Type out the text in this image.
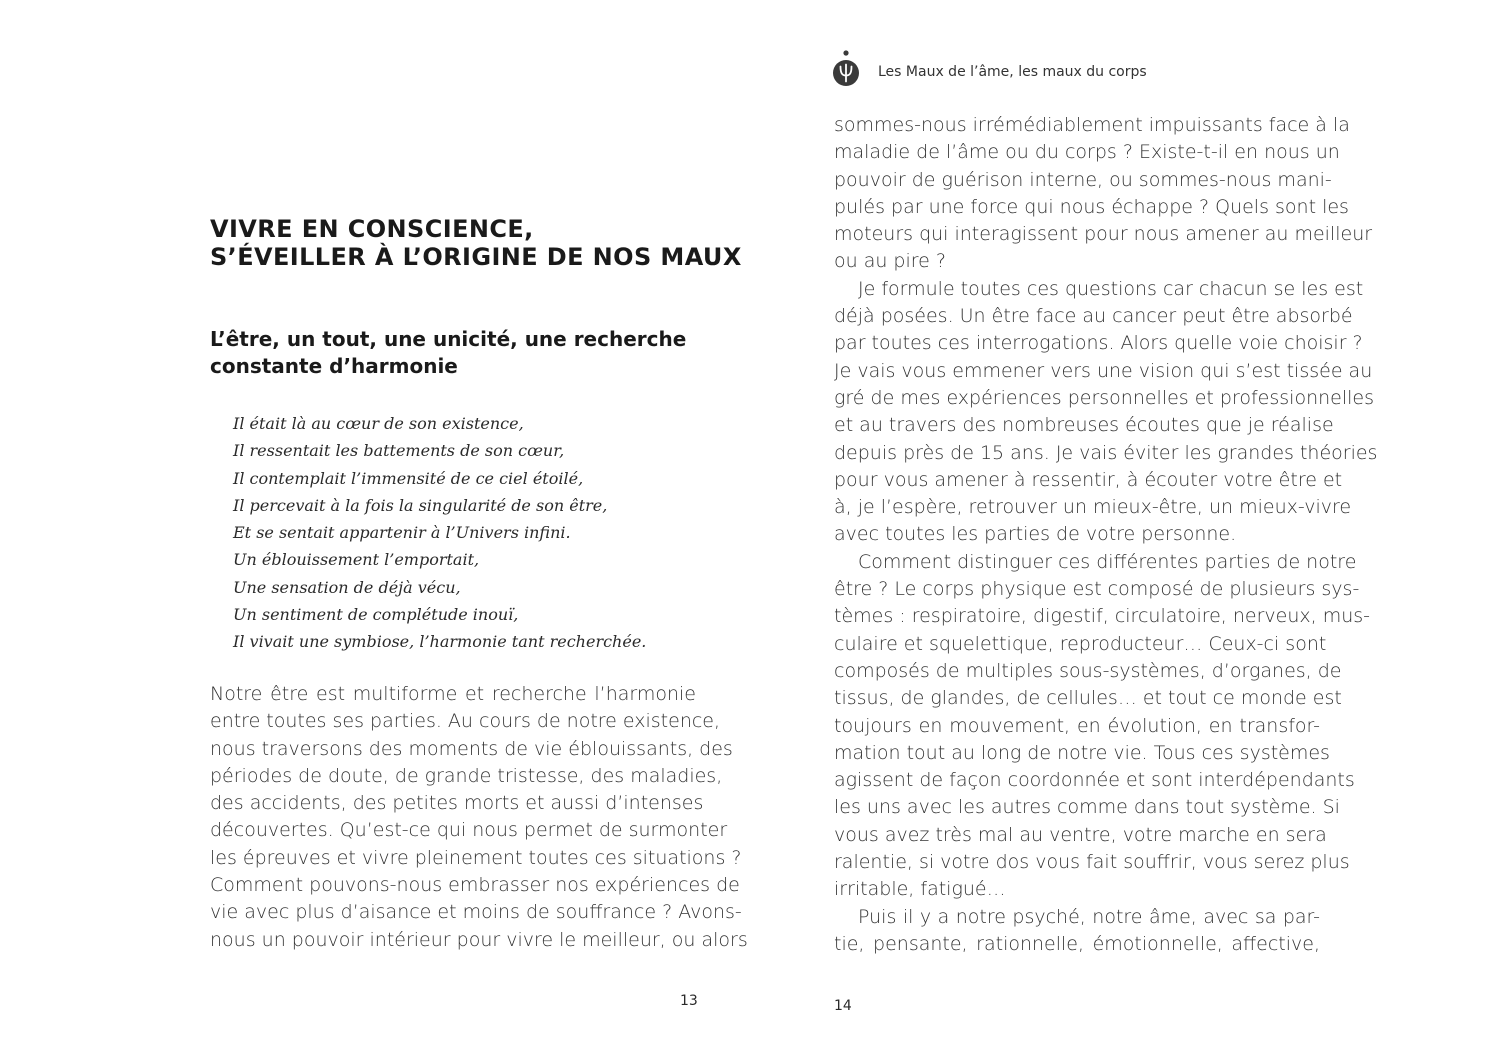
VIVRE EN CONSCIENCE,
S’ÉVEILLER À L’ORIGINE DE NOS MAUX
L’être, un tout, une unicité, une recherche
constante d’harmonie
Il était là au cœur de son existence,
Il ressentait les battements de son cœur,
Il contemplait l’immensité de ce ciel étoilé,
Il percevait à la fois la singularité de son être,
Et se sentait appartenir à l’Univers infini.
Un éblouissement l’emportait,
Une sensation de déjà vécu,
Un sentiment de complétude inouï,
Il vivait une symbiose, l’harmonie tant recherchée.
Notre être est multiforme et recherche l’harmonie
entre toutes ses parties. Au cours de notre existence,
nous traversons des moments de vie éblouissants, des
périodes de doute, de grande tristesse, des maladies,
des accidents, des petites morts et aussi d’intenses
découvertes. Qu’est-ce qui nous permet de surmonter
les épreuves et vivre pleinement toutes ces situations ?
Comment pouvons-nous embrasser nos expériences de
vie avec plus d’aisance et moins de souffrance ? Avons-
nous un pouvoir intérieur pour vivre le meilleur, ou alors
13
Les Maux de l’âme, les maux du corps
sommes-nous irrémédiablement impuissants face à la
maladie de l’âme ou du corps ? Existe-t-il en nous un
pouvoir de guérison interne, ou sommes-nous mani-
pulés par une force qui nous échappe ? Quels sont les
moteurs qui interagissent pour nous amener au meilleur
ou au pire ?
Je formule toutes ces questions car chacun se les est
déjà posées. Un être face au cancer peut être absorbé
par toutes ces interrogations. Alors quelle voie choisir ?
Je vais vous emmener vers une vision qui s’est tissée au
gré de mes expériences personnelles et professionnelles
et au travers des nombreuses écoutes que je réalise
depuis près de 15 ans. Je vais éviter les grandes théories
pour vous amener à ressentir, à écouter votre être et
à, je l’espère, retrouver un mieux-être, un mieux-vivre
avec toutes les parties de votre personne.
Comment distinguer ces différentes parties de notre
être ? Le corps physique est composé de plusieurs sys-
tèmes : respiratoire, digestif, circulatoire, nerveux, mus-
culaire et squelettique, reproducteur… Ceux-ci sont
composés de multiples sous-systèmes, d’organes, de
tissus, de glandes, de cellules… et tout ce monde est
toujours en mouvement, en évolution, en transfor-
mation tout au long de notre vie. Tous ces systèmes
agissent de façon coordonnée et sont interdépendants
les uns avec les autres comme dans tout système. Si
vous avez très mal au ventre, votre marche en sera
ralentie, si votre dos vous fait souffrir, vous serez plus
irritable, fatigué…
Puis il y a notre psyché, notre âme, avec sa par-
tie, pensante, rationnelle, émotionnelle, affective,
14
